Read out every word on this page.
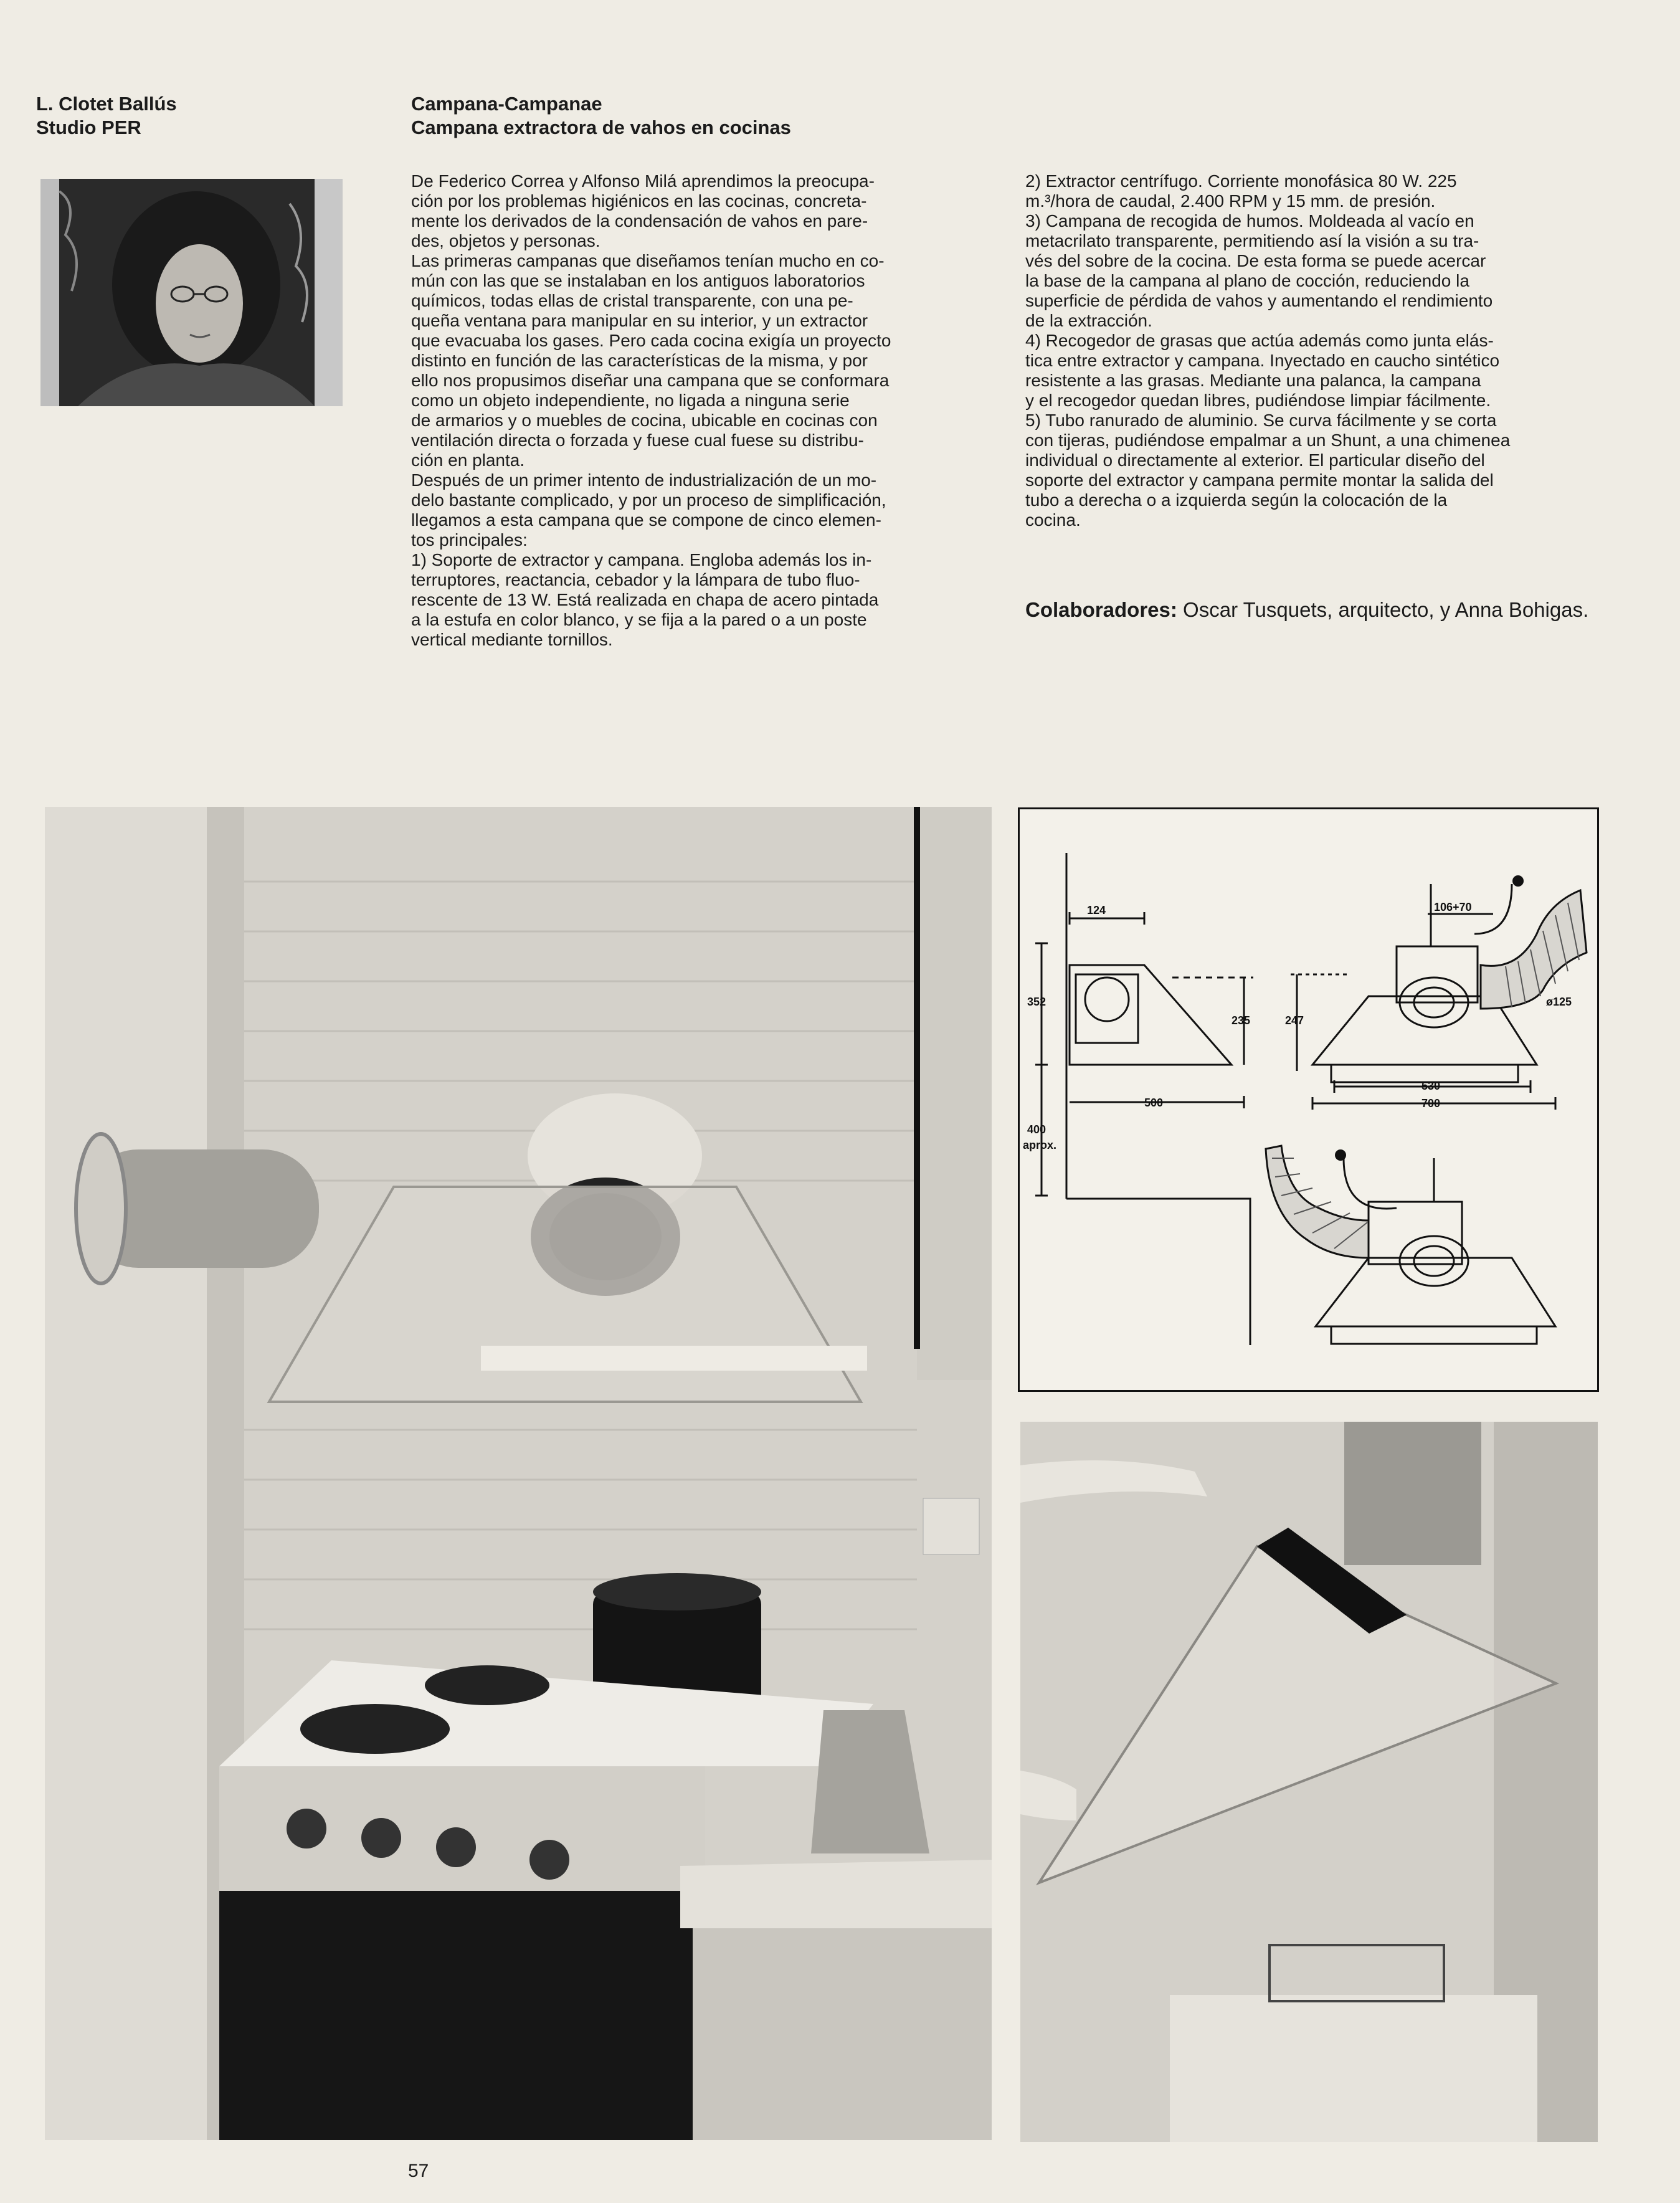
L. Clotet Ballús
Studio PER
Campana-Campanae
Campana extractora de vahos en cocinas

De Federico Correa y Alfonso Milá aprendimos la preocupa-

ción por los problemas higiénicos en las cocinas, concreta-

mente los derivados de la condensación de vahos en pare-

des, objetos y personas.

Las primeras campanas que diseñamos tenían mucho en co-

mún con las que se instalaban en los antiguos laboratorios

químicos, todas ellas de cristal transparente, con una pe-

queña ventana para manipular en su interior, y un extractor

que evacuaba los gases. Pero cada cocina exigía un proyecto

distinto en función de las características de la misma, y por

ello nos propusimos diseñar una campana que se conformara

como un objeto independiente, no ligada a ninguna serie

de armarios y o muebles de cocina, ubicable en cocinas con

ventilación directa o forzada y fuese cual fuese su distribu-

ción en planta.

Después de un primer intento de industrialización de un mo-

delo bastante complicado, y por un proceso de simplificación,

llegamos a esta campana que se compone de cinco elemen-

tos principales:

1) Soporte de extractor y campana. Engloba además los in-

terruptores, reactancia, cebador y la lámpara de tubo fluo-

rescente de 13 W. Está realizada en chapa de acero pintada

a la estufa en color blanco, y se fija a la pared o a un poste

vertical mediante tornillos.

2) Extractor centrífugo. Corriente monofásica 80 W. 225

m.³/hora de caudal, 2.400 RPM y 15 mm. de presión.

3) Campana de recogida de humos. Moldeada al vacío en

metacrilato transparente, permitiendo así la visión a su tra-

vés del sobre de la cocina. De esta forma se puede acercar

la base de la campana al plano de cocción, reduciendo la

superficie de pérdida de vahos y aumentando el rendimiento

de la extracción.

4) Recogedor de grasas que actúa además como junta elás-

tica entre extractor y campana. Inyectado en caucho sintético

resistente a las grasas. Mediante una palanca, la campana

y el recogedor quedan libres, pudiéndose limpiar fácilmente.

5) Tubo ranurado de aluminio. Se curva fácilmente y se corta

con tijeras, pudiéndose empalmar a un Shunt, a una chimenea

individual o directamente al exterior. El particular diseño del

soporte del extractor y campana permite montar la salida del

tubo a derecha o a izquierda según la colocación de la

cocina.

Colaboradores: Oscar Tusquets, arquitecto, y Anna Bohigas.
124
352
235	247
500
400
aprox.
106+70
ø125
530
700
57
